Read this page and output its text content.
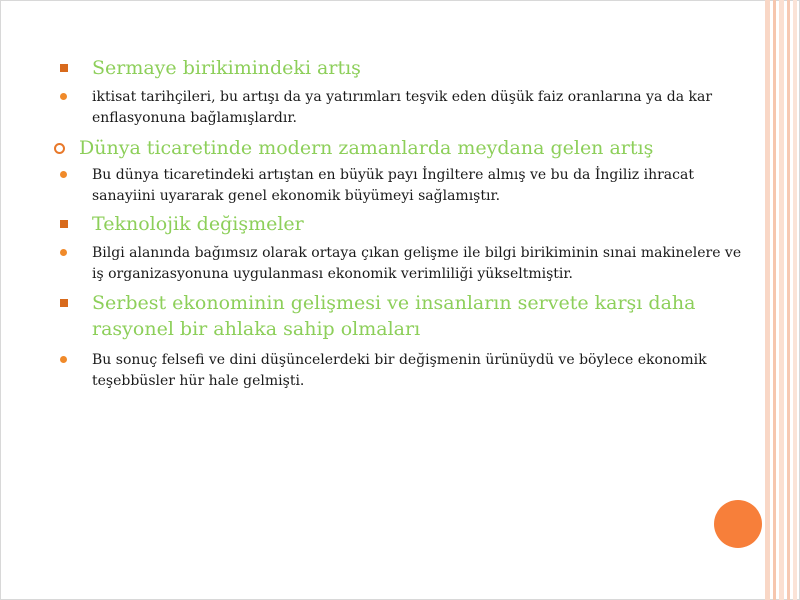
Sermaye birikimindeki artış
iktisat tarihçileri, bu artışı da ya yatırımları teşvik eden düşük faiz oranlarına ya da kar enflasyonuna bağlamışlardır.
Dünya ticaretinde modern zamanlarda meydana gelen artış
Bu dünya ticaretindeki artıştan en büyük payı İngiltere almış ve bu da İngiliz ihracat sanayiini uyararak genel ekonomik büyümeyi sağlamıştır.
Teknolojik değişmeler
Bilgi alanında bağımsız olarak ortaya çıkan gelişme ile bilgi birikiminin sınai makinelere ve iş organizasyonuna uygulanması ekonomik verimliliği yükseltmiştir.
Serbest ekonominin gelişmesi ve insanların servete karşı daha rasyonel bir ahlaka sahip olmaları
Bu sonuç felsefi ve dini düşüncelerdeki bir değişmenin ürünüydü ve böylece ekonomik teşebbüsler hür hale gelmişti.
